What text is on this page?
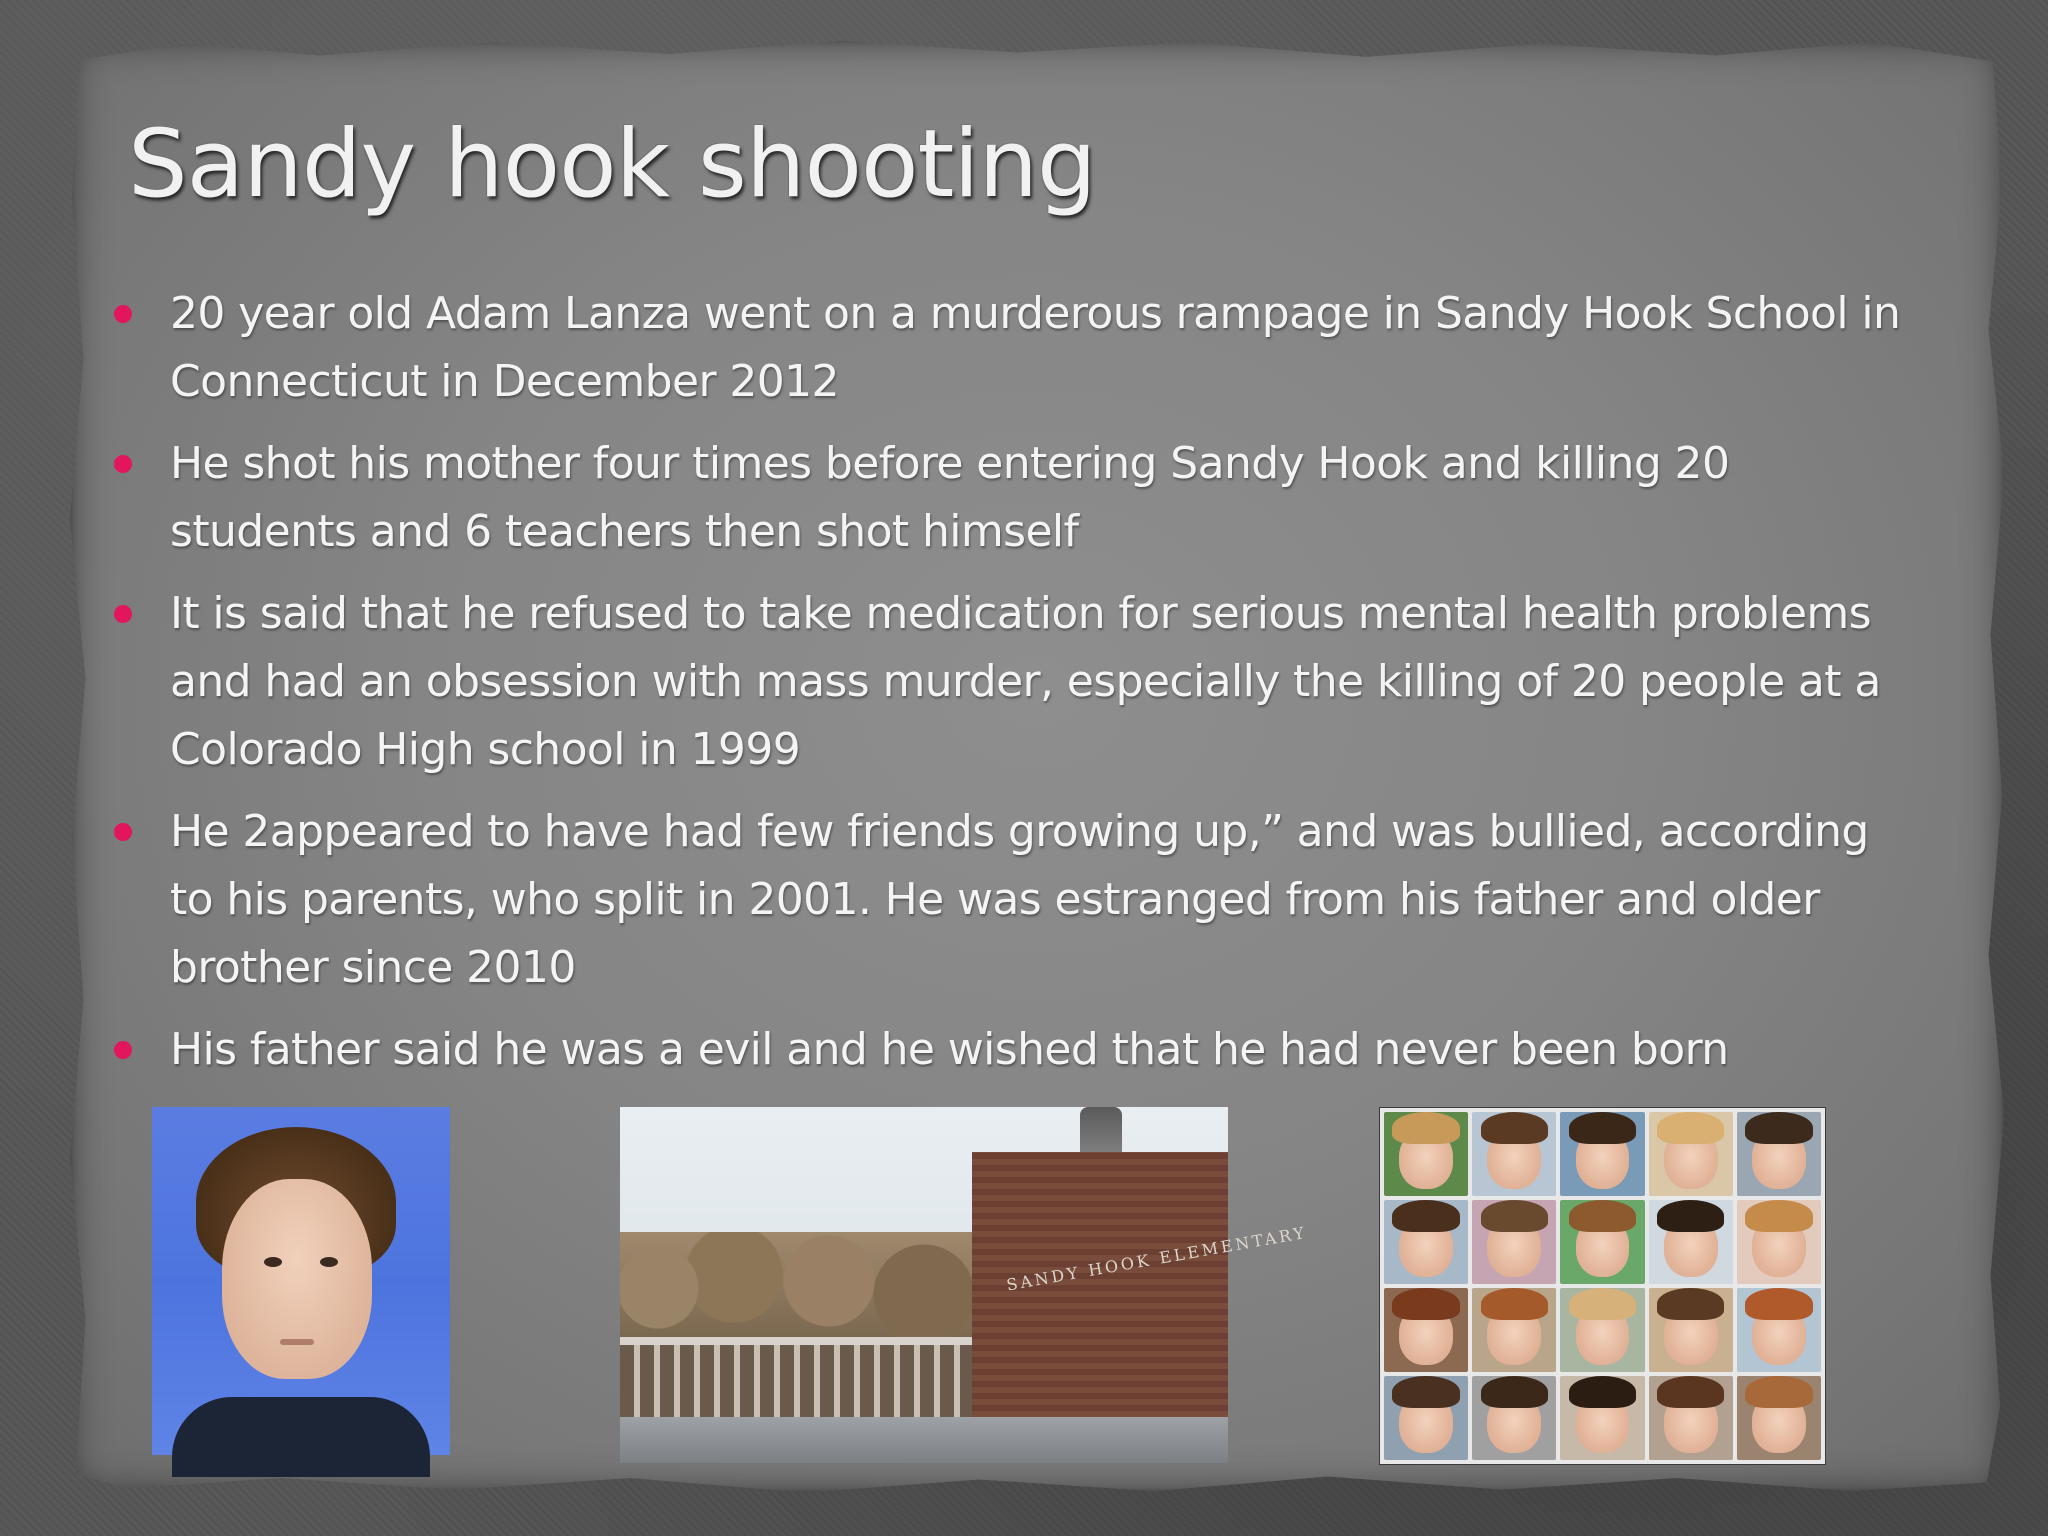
Sandy hook shooting
20 year old Adam Lanza went on a murderous rampage in Sandy Hook School in Connecticut in December 2012
He shot his mother four times before entering Sandy Hook and killing 20 students and 6 teachers then shot himself
It is said that he refused to take medication for serious mental health problems and had an obsession with mass murder, especially the killing of 20 people at a Colorado High school in 1999
He 2appeared to have had few friends growing up,” and was bullied, according to his parents, who split in 2001. He was estranged from his father and older brother since 2010
His father said he was a evil and he wished that he had never been born
SANDY HOOK ELEMENTARY
